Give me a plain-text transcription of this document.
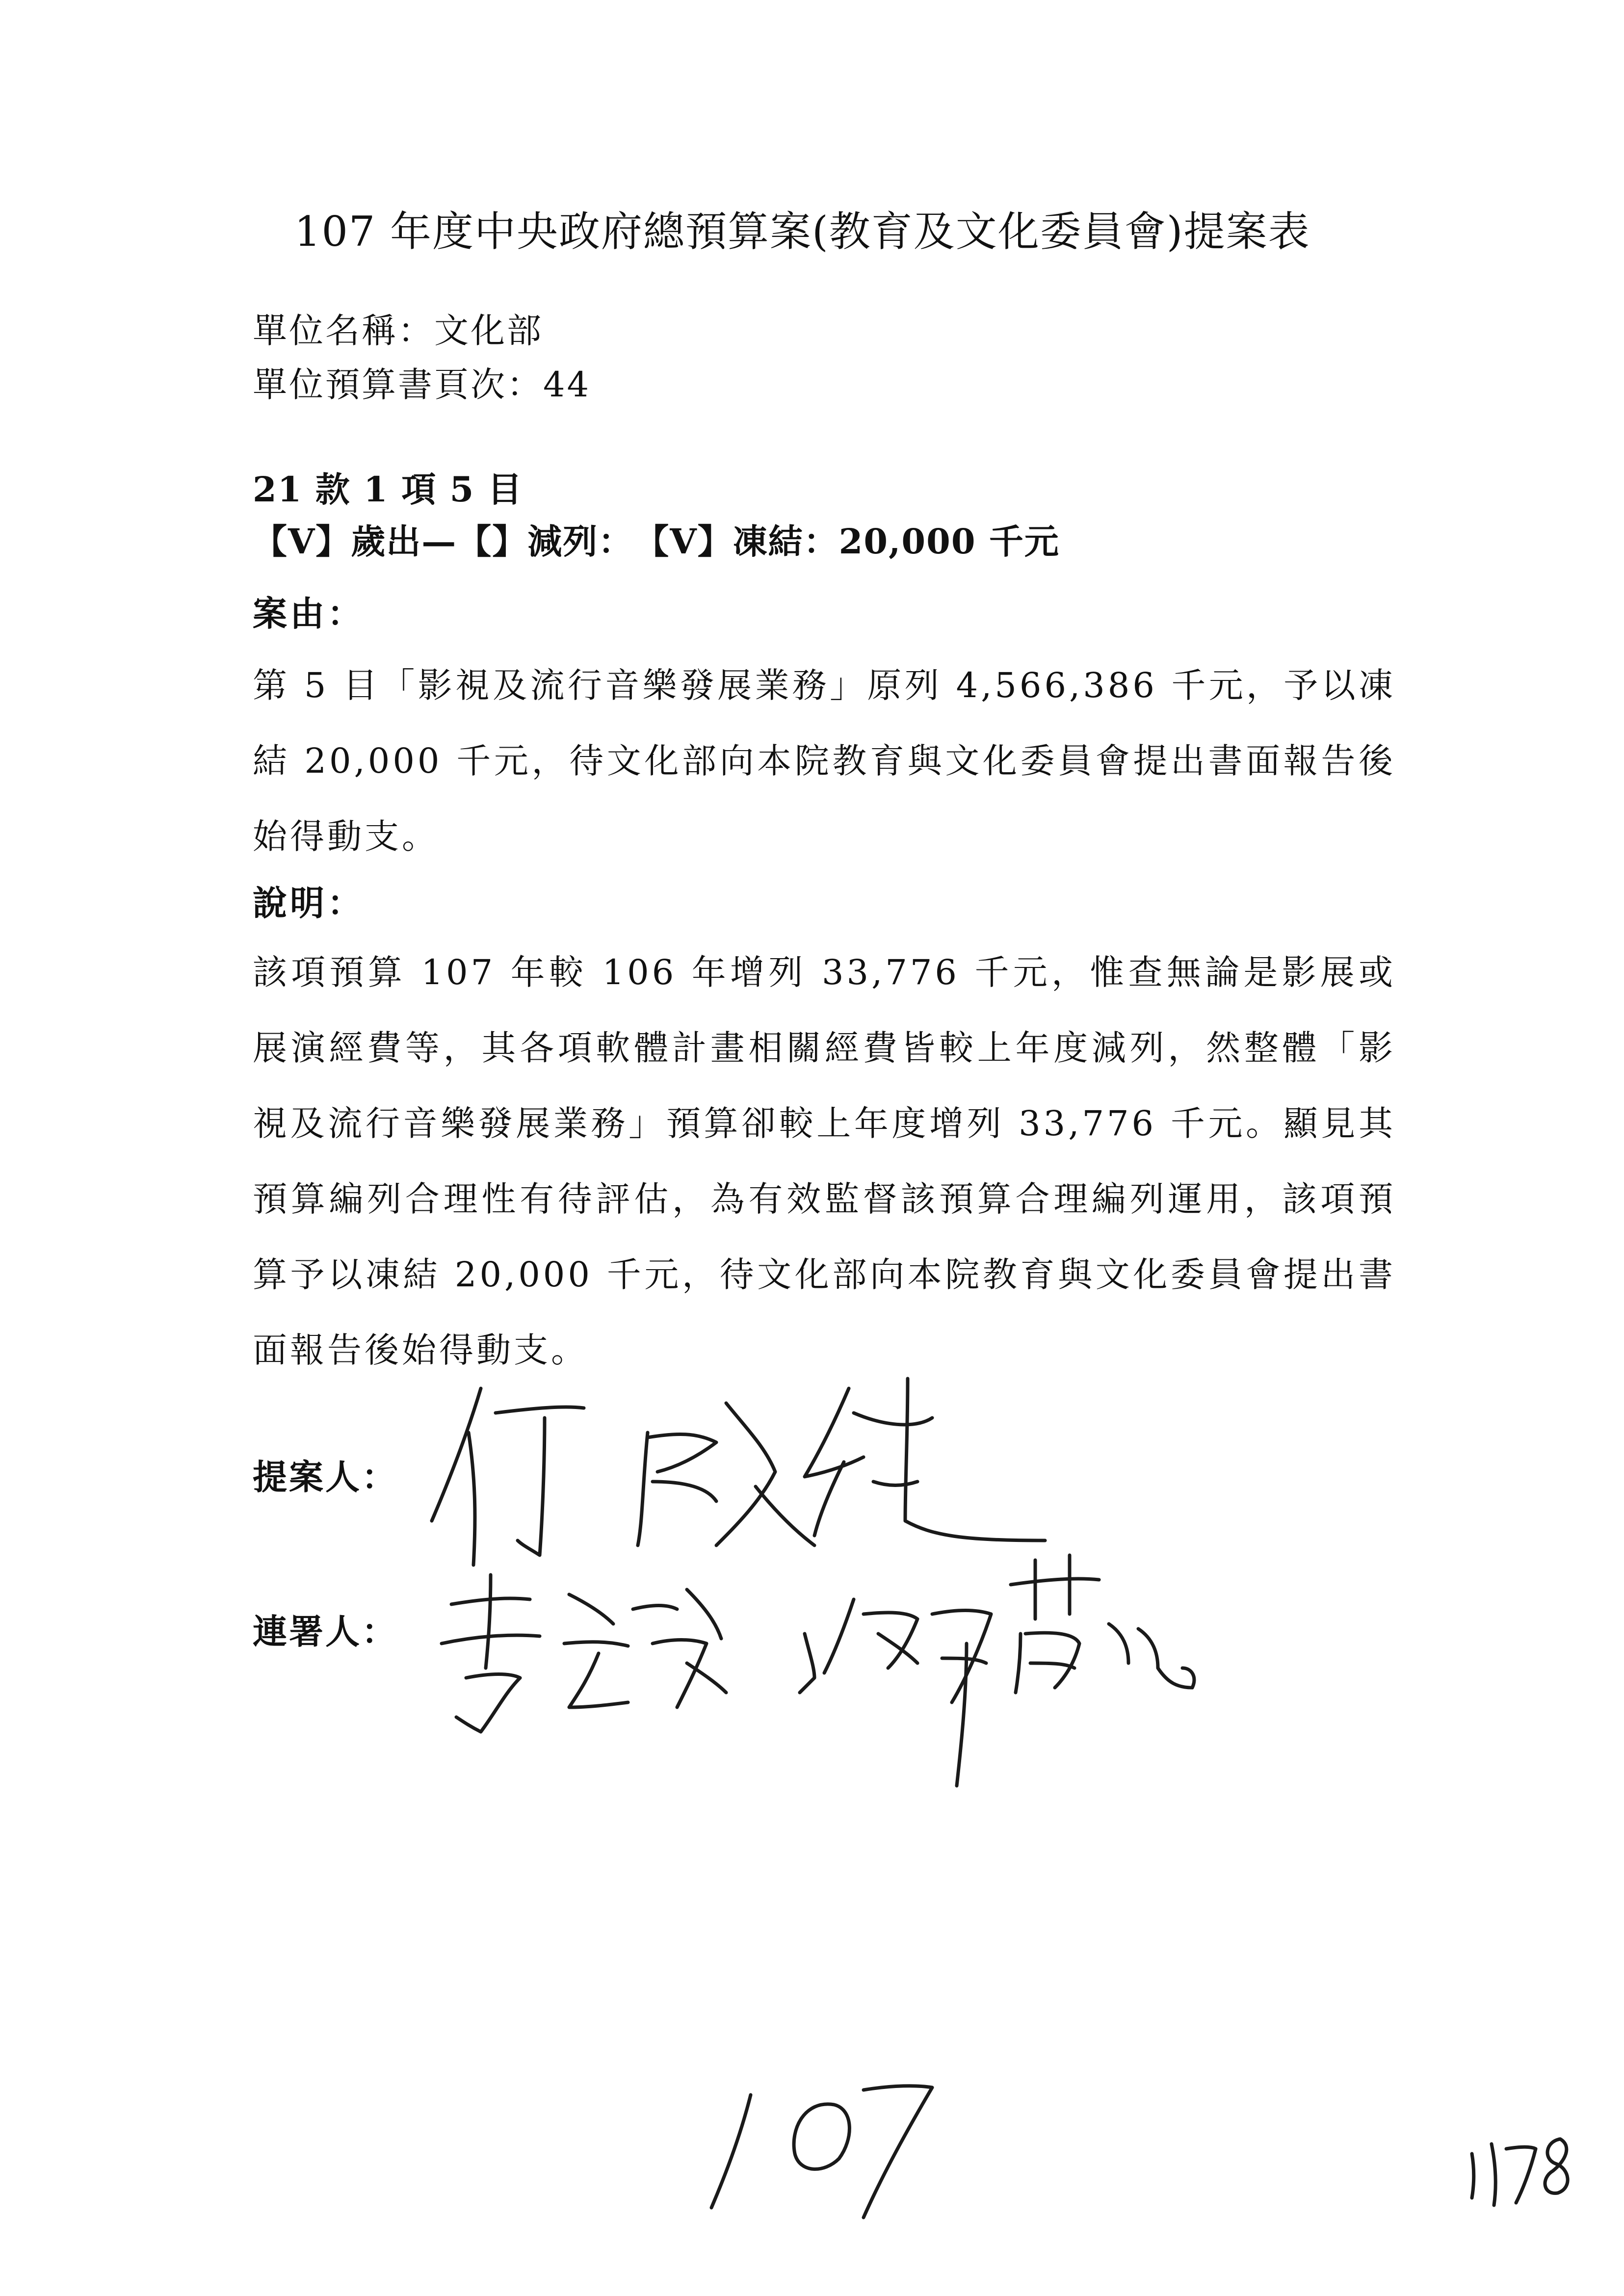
107 年度中央政府總預算案(教育及文化委員會)提案表
單位名稱：文化部
單位預算書頁次：44
21 款 1 項 5 目
【V】歲出—【】減列：　【V】凍結：20,000 千元
案由：
第 5 目「影視及流行音樂發展業務」原列 4,566,386 千元，予以凍結 20,000 千元，待文化部向本院教育與文化委員會提出書面報告後始得動支。
說明：
該項預算 107 年較 106 年增列 33,776 千元，惟查無論是影展或展演經費等，其各項軟體計畫相關經費皆較上年度減列，然整體「影視及流行音樂發展業務」預算卻較上年度增列 33,776 千元。顯見其預算編列合理性有待評估，為有效監督該預算合理編列運用，該項預算予以凍結 20,000 千元，待文化部向本院教育與文化委員會提出書面報告後始得動支。
提案人：
連署人：
